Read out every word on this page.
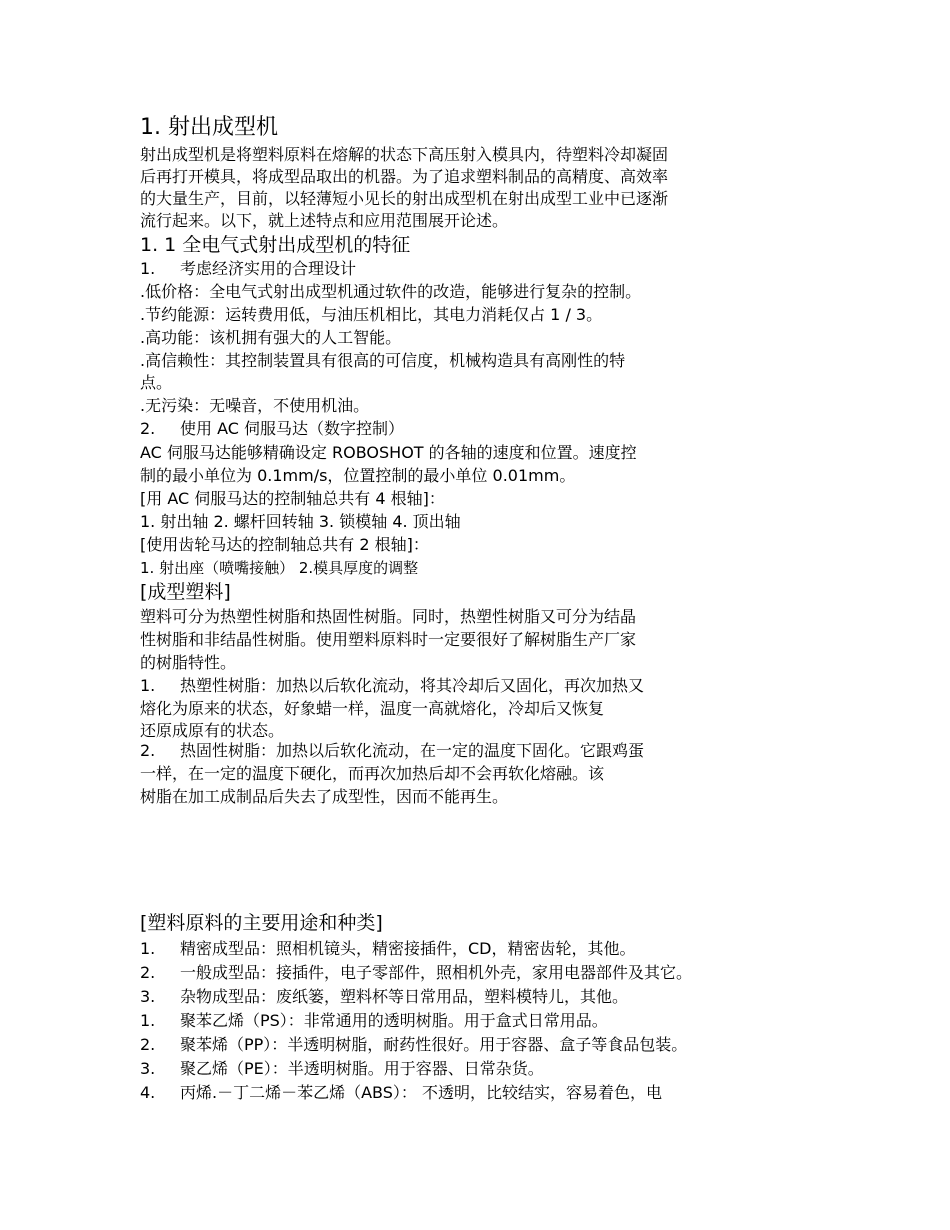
1. 射出成型机
射出成型机是将塑料原料在熔解的状态下高压射入模具内，待塑料冷却凝固
后再打开模具，将成型品取出的机器。为了追求塑料制品的高精度、高效率
的大量生产，目前，以轻薄短小见长的射出成型机在射出成型工业中已逐渐
流行起来。以下，就上述特点和应用范围展开论述。
1. 1 全电气式射出成型机的特征
1. 考虑经济实用的合理设计
.低价格：全电气式射出成型机通过软件的改造，能够进行复杂的控制。
.节约能源：运转费用低，与油压机相比，其电力消耗仅占 1 / 3。
.高功能：该机拥有强大的人工智能。
.高信赖性：其控制装置具有很高的可信度，机械构造具有高刚性的特
点。
.无污染：无噪音，不使用机油。
2. 使用 AC 伺服马达（数字控制）
AC 伺服马达能够精确设定 ROBOSHOT 的各轴的速度和位置。速度控
制的最小单位为 0.1mm/s，位置控制的最小单位 0.01mm。
[用 AC 伺服马达的控制轴总共有 4 根轴]：
1. 射出轴 2. 螺杆回转轴 3. 锁模轴 4. 顶出轴
[使用齿轮马达的控制轴总共有 2 根轴]：
1. 射出座（喷嘴接触） 2.模具厚度的调整
[成型塑料]
塑料可分为热塑性树脂和热固性树脂。同时，热塑性树脂又可分为结晶
性树脂和非结晶性树脂。使用塑料原料时一定要很好了解树脂生产厂家
的树脂特性。
1. 热塑性树脂：加热以后软化流动，将其冷却后又固化，再次加热又
熔化为原来的状态，好象蜡一样，温度一高就熔化，冷却后又恢复
还原成原有的状态。
2. 热固性树脂：加热以后软化流动，在一定的温度下固化。它跟鸡蛋
一样，在一定的温度下硬化，而再次加热后却不会再软化熔融。该
树脂在加工成制品后失去了成型性，因而不能再生。
[塑料原料的主要用途和种类]
1. 精密成型品：照相机镜头，精密接插件，CD，精密齿轮，其他。
2. 一般成型品：接插件，电子零部件，照相机外壳，家用电器部件及其它。
3. 杂物成型品：废纸篓，塑料杯等日常用品，塑料模特儿，其他。
1. 聚苯乙烯（PS）：非常通用的透明树脂。用于盒式日常用品。
2. 聚苯烯（PP）：半透明树脂，耐药性很好。用于容器、盒子等食品包装。
3. 聚乙烯（PE）：半透明树脂。用于容器、日常杂货。
4. 丙烯.－丁二烯－苯乙烯（ABS）： 不透明，比较结实，容易着色，电
